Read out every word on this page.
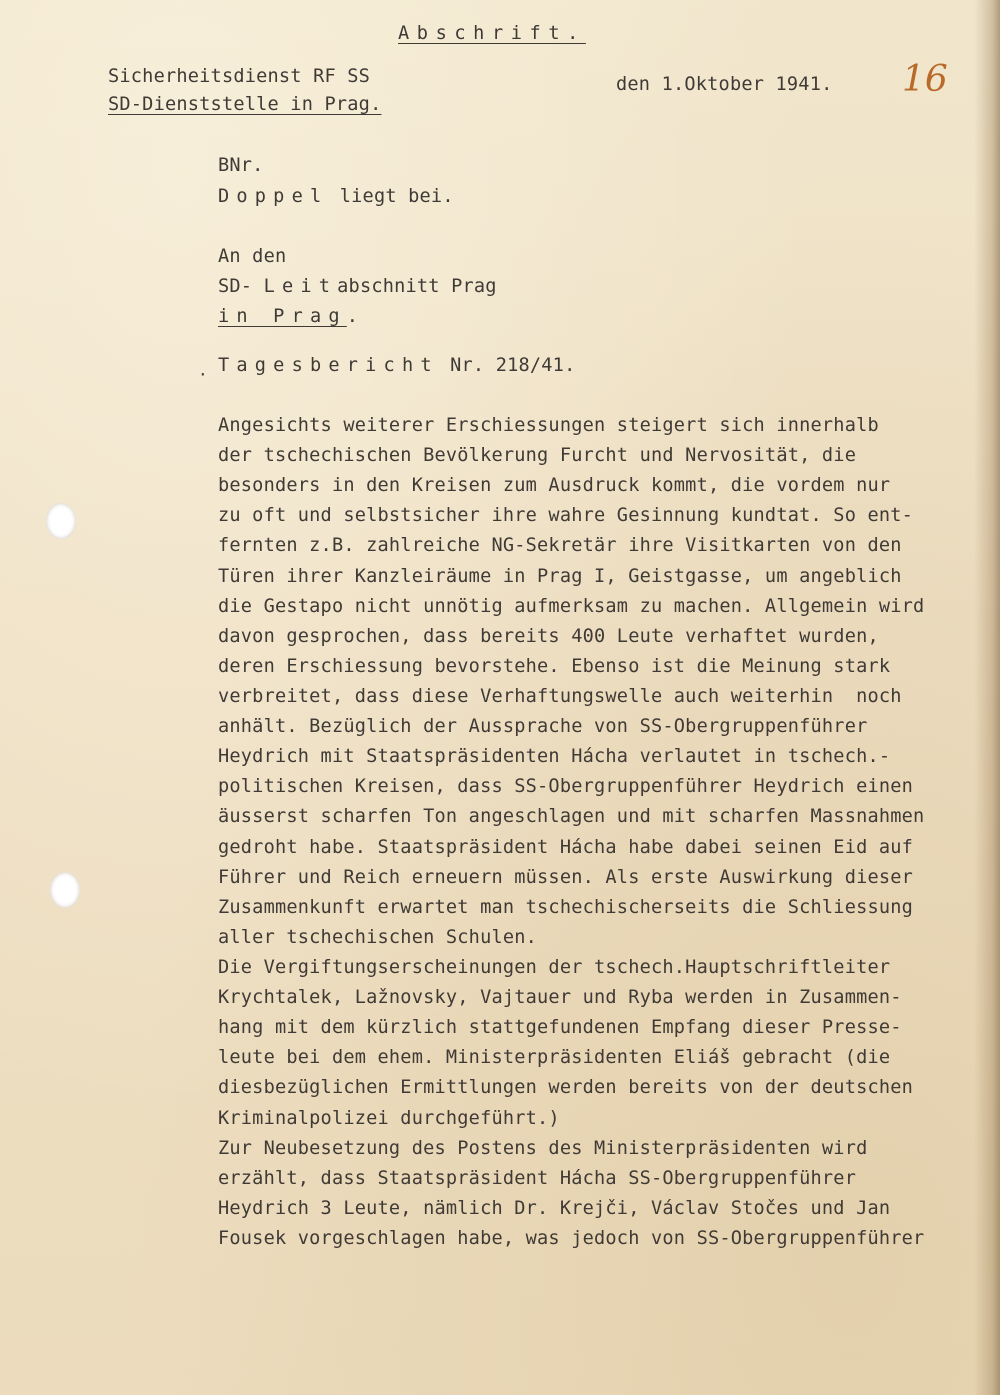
Abschrift.

Sicherheitsdienst RF SS

SD-Dienststelle in Prag.

den 1.Oktober 1941. 16

BNr.

Doppel liegt bei.

An den

SD- Leitabschnitt Prag

in Prag.

· Tagesbericht Nr. 218/41.

Angesichts weiterer Erschiessungen steigert sich innerhalb
der tschechischen Bevölkerung Furcht und Nervosität, die
besonders in den Kreisen zum Ausdruck kommt, die vordem nur
zu oft und selbstsicher ihre wahre Gesinnung kundtat. So ent-
fernten z.B. zahlreiche NG-Sekretär ihre Visitkarten von den
Türen ihrer Kanzleiräume in Prag I, Geistgasse, um angeblich
die Gestapo nicht unnötig aufmerksam zu machen. Allgemein wird
davon gesprochen, dass bereits 400 Leute verhaftet wurden,
deren Erschiessung bevorstehe. Ebenso ist die Meinung stark
verbreitet, dass diese Verhaftungswelle auch weiterhin  noch
anhält. Bezüglich der Aussprache von SS-Obergruppenführer
Heydrich mit Staatspräsidenten Hácha verlautet in tschech.-
politischen Kreisen, dass SS-Obergruppenführer Heydrich einen
äusserst scharfen Ton angeschlagen und mit scharfen Massnahmen
gedroht habe. Staatspräsident Hácha habe dabei seinen Eid auf
Führer und Reich erneuern müssen. Als erste Auswirkung dieser
Zusammenkunft erwartet man tschechischerseits die Schliessung
aller tschechischen Schulen.
Die Vergiftungserscheinungen der tschech.Hauptschriftleiter
Krychtalek, Lažnovsky, Vajtauer und Ryba werden in Zusammen-
hang mit dem kürzlich stattgefundenen Empfang dieser Presse-
leute bei dem ehem. Ministerpräsidenten Eliáš gebracht (die
diesbezüglichen Ermittlungen werden bereits von der deutschen
Kriminalpolizei durchgeführt.)
Zur Neubesetzung des Postens des Ministerpräsidenten wird
erzählt, dass Staatspräsident Hácha SS-Obergruppenführer
Heydrich 3 Leute, nämlich Dr. Krejči, Václav Stočes und Jan
Fousek vorgeschlagen habe, was jedoch von SS-Obergruppenführer
